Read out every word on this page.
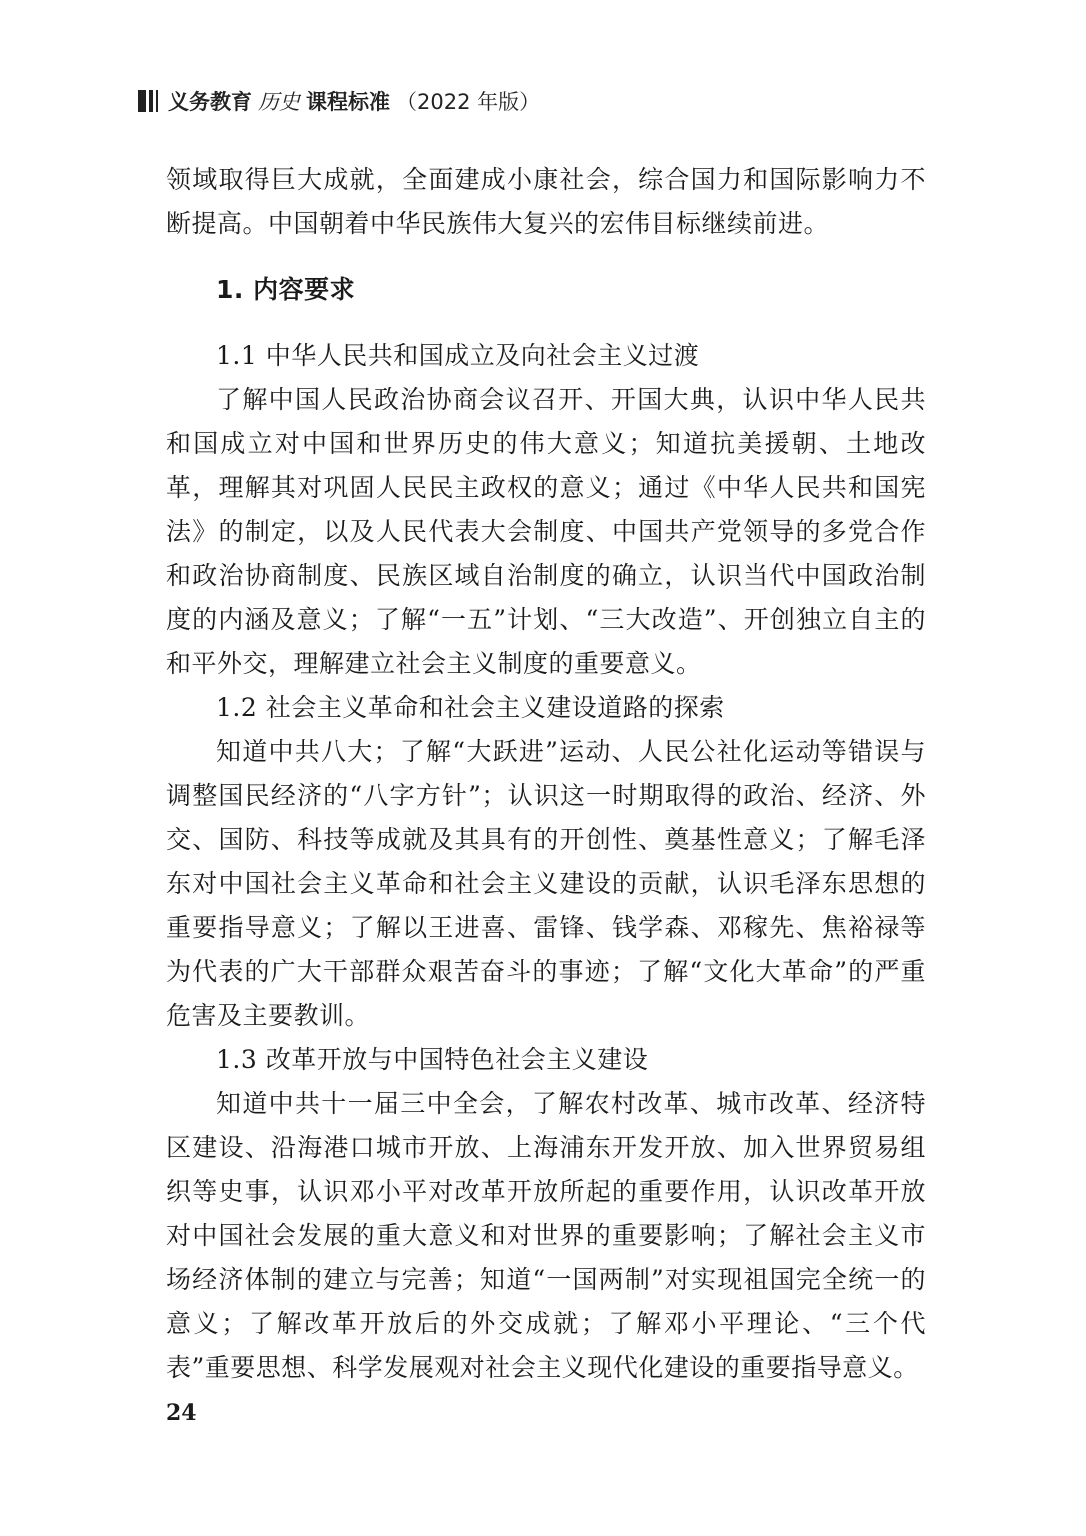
义务教育 历史 课程标准 （2022 年版）

领域取得巨大成就，全面建成小康社会，综合国力和国际影响力不断提高。中国朝着中华民族伟大复兴的宏伟目标继续前进。

1. 内容要求

1.1 中华人民共和国成立及向社会主义过渡

了解中国人民政治协商会议召开、开国大典，认识中华人民共和国成立对中国和世界历史的伟大意义；知道抗美援朝、土地改革，理解其对巩固人民民主政权的意义；通过《中华人民共和国宪法》的制定，以及人民代表大会制度、中国共产党领导的多党合作和政治协商制度、民族区域自治制度的确立，认识当代中国政治制度的内涵及意义；了解“一五”计划、“三大改造”、开创独立自主的和平外交，理解建立社会主义制度的重要意义。

1.2 社会主义革命和社会主义建设道路的探索

知道中共八大；了解“大跃进”运动、人民公社化运动等错误与调整国民经济的“八字方针”；认识这一时期取得的政治、经济、外交、国防、科技等成就及其具有的开创性、奠基性意义；了解毛泽东对中国社会主义革命和社会主义建设的贡献，认识毛泽东思想的重要指导意义；了解以王进喜、雷锋、钱学森、邓稼先、焦裕禄等为代表的广大干部群众艰苦奋斗的事迹；了解“文化大革命”的严重危害及主要教训。

1.3 改革开放与中国特色社会主义建设

知道中共十一届三中全会，了解农村改革、城市改革、经济特区建设、沿海港口城市开放、上海浦东开发开放、加入世界贸易组织等史事，认识邓小平对改革开放所起的重要作用，认识改革开放对中国社会发展的重大意义和对世界的重要影响；了解社会主义市场经济体制的建立与完善；知道“一国两制”对实现祖国完全统一的意义；了解改革开放后的外交成就；了解邓小平理论、“三个代表”重要思想、科学发展观对社会主义现代化建设的重要指导意义。

24
